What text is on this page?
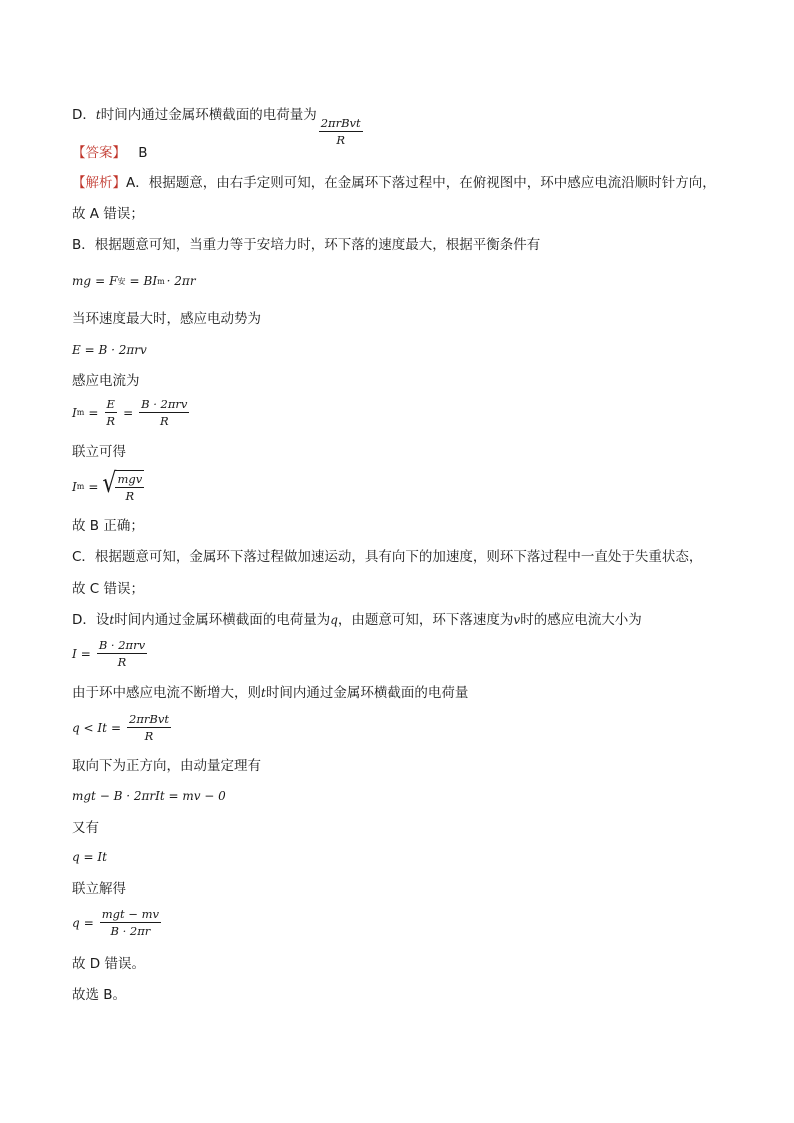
D．t时间内通过金属环横截面的电荷量为
$\frac{\text{2πrBvt}}{R}$
【答案】 B
【解析】A．根据题意，由右手定则可知，在金属环下落过程中，在俯视图中，环中感应电流沿顺时针方向，
故 A 错误；
B．根据题意可知，当重力等于安培力时，环下落的速度最大，根据平衡条件有
mg = F 安 = BI m · 2πr
当环速度最大时，感应电动势为
E = B · 2πrv
感应电流为
I $m = \frac{E}{R} = \frac{\text{B · 2πrv}}{R}$
联立可得
I m = √ $\frac{\text{mgv}}{R}$
故 B 正确；
C．根据题意可知，金属环下落过程做加速运动，具有向下的加速度，则环下落过程中一直处于失重状态，
故 C 错误；
D．设t时间内通过金属环横截面的电荷量为q，由题意可知，环下落速度为v时的感应电流大小为
$I = \frac{\text{B · 2πrv}}{R}$
由于环中感应电流不断增大，则t时间内通过金属环横截面的电荷量
$q < It = \frac{\text{2πrBvt}}{R}$
取向下为正方向，由动量定理有
mgt − B · 2πrIt = mv − 0
又有
q = It
联立解得
$q = \frac{\text{mgt − mv}}{B \cdot 2\pi r}$
故 D 错误。
故选 B。
